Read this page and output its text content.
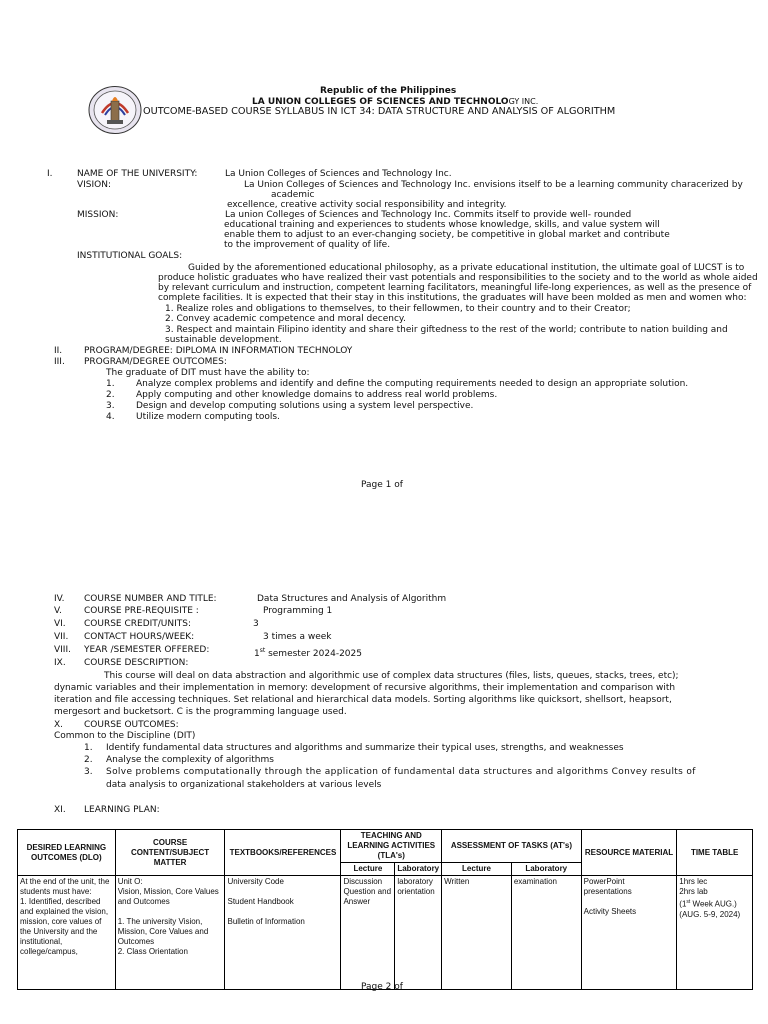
Republic of the Philippines
LA UNION COLLEGES OF SCIENCES AND TECHNOLOGY INC.
OUTCOME-BASED COURSE SYLLABUS IN ICT 34: DATA STRUCTURE AND ANALYSIS OF ALGORITHM
I.	NAME OF THE UNIVERSITY:	La Union Colleges of Sciences and Technology Inc.
VISION:	La Union Colleges of Sciences and Technology Inc. envisions itself to be a learning community characerized by
academic
excellence, creative activity social responsibility and integrity.
MISSION:	La union Colleges of Sciences and Technology Inc. Commits itself to provide well- rounded
educational training and experiences to students whose knowledge, skills, and value system will
enable them to adjust to an ever-changing society, be competitive in global market and contribute
to the improvement of quality of life.
INSTITUTIONAL GOALS:
Guided by the aforementioned educational philosophy, as a private educational institution, the ultimate goal of LUCST is to
produce holistic graduates who have realized their vast potentials and responsibilities to the society and to the world as whole aided
by relevant curriculum and instruction, competent learning facilitators, meaningful life-long experiences, as well as the presence of
complete facilities. It is expected that their stay in this institutions, the graduates will have been molded as men and women who:
1. Realize roles and obligations to themselves, to their fellowmen, to their country and to their Creator;
2. Convey academic competence and moral decency.
3. Respect and maintain Filipino identity and share their giftedness to the rest of the world; contribute to nation building and
sustainable development.
II. PROGRAM/DEGREE: DIPLOMA IN INFORMATION TECHNOLOY
III. PROGRAM/DEGREE OUTCOMES:
The graduate of DIT must have the ability to:
1. Analyze complex problems and identify and define the computing requirements needed to design an appropriate solution.
2. Apply computing and other knowledge domains to address real world problems.
3. Design and develop computing solutions using a system level perspective.
4. Utilize modern computing tools.
Page 1 of
IV. COURSE NUMBER AND TITLE:	Data Structures and Analysis of Algorithm
V. COURSE PRE-REQUISITE :	Programming 1
VI. COURSE CREDIT/UNITS:	3
VII. CONTACT HOURS/WEEK:	3 times a week
VIII. YEAR /SEMESTER OFFERED:	1st semester 2024-2025
IX. COURSE DESCRIPTION:
This course will deal on data abstraction and algorithmic use of complex data structures (files, lists, queues, stacks, trees, etc);
dynamic variables and their implementation in memory: development of recursive algorithms, their implementation and comparison with
iteration and file accessing techniques. Set relational and hierarchical data models. Sorting algorithms like quicksort, shellsort, heapsort,
mergesort and bucketsort. C is the programming language used.
X. COURSE OUTCOMES:
Common to the Discipline (DIT)
1. Identify fundamental data structures and algorithms and summarize their typical uses, strengths, and weaknesses
2. Analyse the complexity of algorithms
3. Solve problems computationally through the application of fundamental data structures and algorithms Convey results of
data analysis to organizational stakeholders at various levels
XI. LEARNING PLAN:
DESIRED LEARNING OUTCOMES (DLO)	COURSE CONTENT/SUBJECT MATTER	TEXTBOOKS/REFERENCES	TEACHING AND LEARNING ACTIVITIES (TLA's)		ASSESSMENT OF TASKS (AT's)		RESOURCE MATERIAL	TIME TABLE
			Lecture	Laboratory	Lecture	Laboratory		

At the end of the unit, the students must have:
1. Identified, described and explained the vision, mission, core values of the University and the institutional, college/campus,	Unit O:
Vision, Mission, Core Values and Outcomes
1. The university Vision, Mission, Core Values and Outcomes
2. Class Orientation	University Code
Student Handbook
Bulletin of Information	Discussion Question and Answer	laboratory orientation	Written	examination	PowerPoint presentations
Activity Sheets	1hrs lec
2hrs lab
(1st Week AUG.)
(AUG. 5-9, 2024)
Page 2 of
